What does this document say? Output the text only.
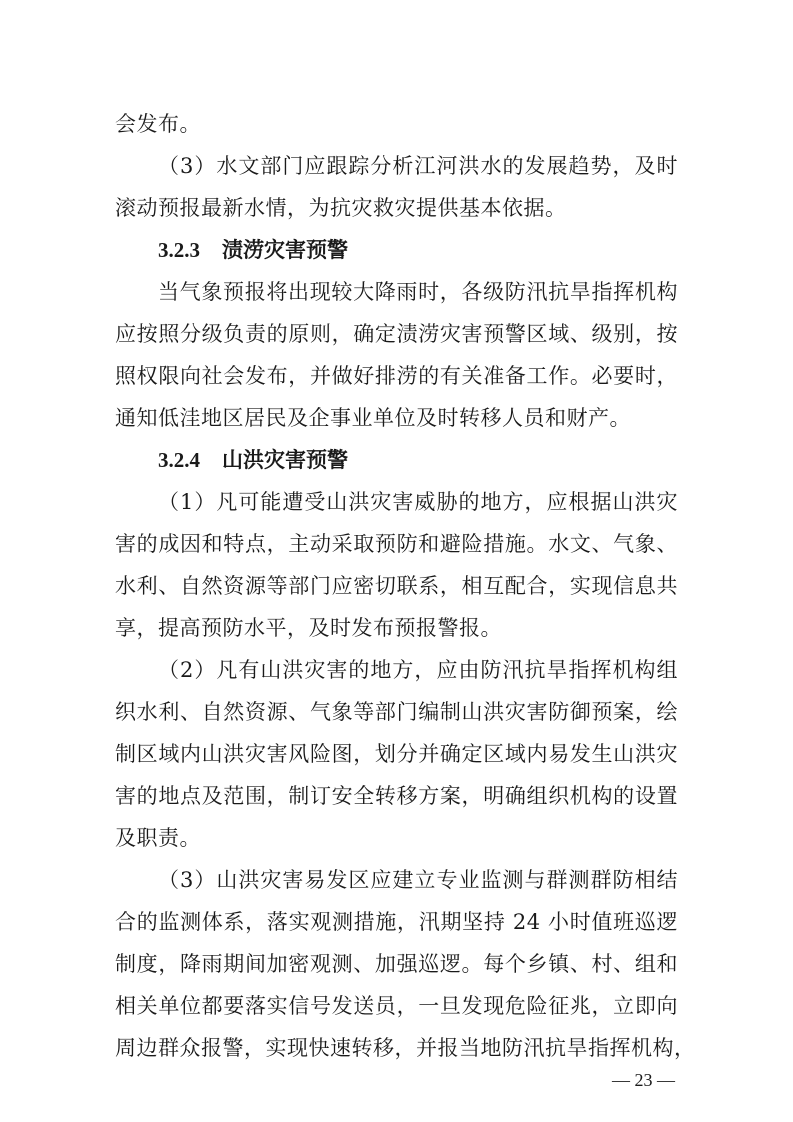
会发布。
（3）水文部门应跟踪分析江河洪水的发展趋势，及时
滚动预报最新水情，为抗灾救灾提供基本依据。
3.2.3 渍涝灾害预警
当气象预报将出现较大降雨时，各级防汛抗旱指挥机构
应按照分级负责的原则，确定渍涝灾害预警区域、级别，按
照权限向社会发布，并做好排涝的有关准备工作。必要时，
通知低洼地区居民及企事业单位及时转移人员和财产。
3.2.4 山洪灾害预警
（1）凡可能遭受山洪灾害威胁的地方，应根据山洪灾
害的成因和特点，主动采取预防和避险措施。水文、气象、
水利、自然资源等部门应密切联系，相互配合，实现信息共
享，提高预防水平，及时发布预报警报。
（2）凡有山洪灾害的地方，应由防汛抗旱指挥机构组
织水利、自然资源、气象等部门编制山洪灾害防御预案，绘
制区域内山洪灾害风险图，划分并确定区域内易发生山洪灾
害的地点及范围，制订安全转移方案，明确组织机构的设置
及职责。
（3）山洪灾害易发区应建立专业监测与群测群防相结
合的监测体系，落实观测措施，汛期坚持 24 小时值班巡逻
制度，降雨期间加密观测、加强巡逻。每个乡镇、村、组和
相关单位都要落实信号发送员，一旦发现危险征兆，立即向
周边群众报警，实现快速转移，并报当地防汛抗旱指挥机构，
— 23 —
